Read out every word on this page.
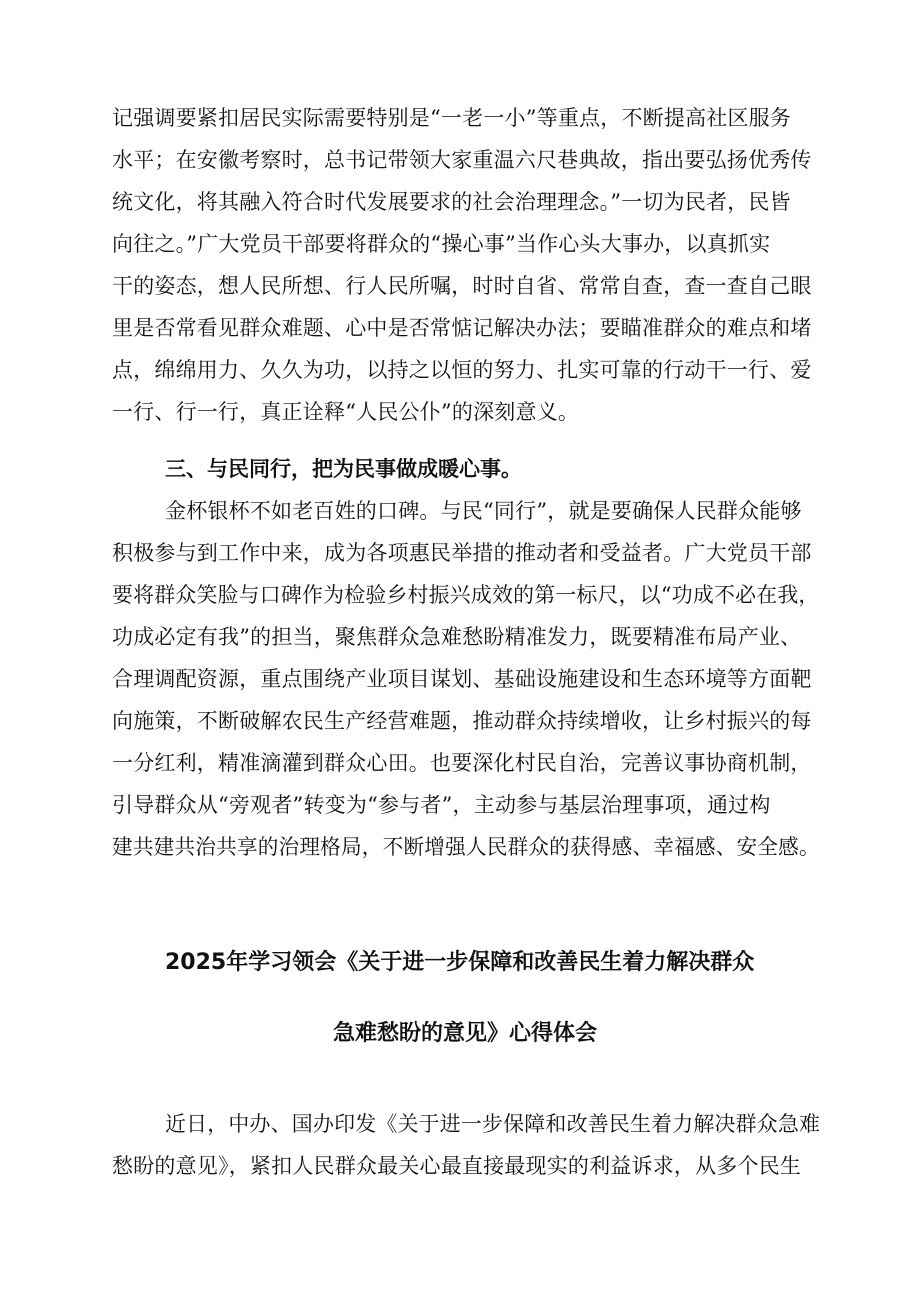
记强调要紧扣居民实际需要特别是“一老一小”等重点，不断提高社区服务
水平；在安徽考察时，总书记带领大家重温六尺巷典故，指出要弘扬优秀传
统文化，将其融入符合时代发展要求的社会治理理念。”一切为民者，民皆
向往之。”广大党员干部要将群众的“操心事”当作心头大事办，以真抓实
干的姿态，想人民所想、行人民所嘱，时时自省、常常自查，查一查自己眼
里是否常看见群众难题、心中是否常惦记解决办法；要瞄准群众的难点和堵
点，绵绵用力、久久为功，以持之以恒的努力、扎实可靠的行动干一行、爱
一行、行一行，真正诠释“人民公仆”的深刻意义。
三、与民同行，把为民事做成暖心事。
金杯银杯不如老百姓的口碑。与民“同行”，就是要确保人民群众能够
积极参与到工作中来，成为各项惠民举措的推动者和受益者。广大党员干部
要将群众笑脸与口碑作为检验乡村振兴成效的第一标尺，以“功成不必在我，
功成必定有我”的担当，聚焦群众急难愁盼精准发力，既要精准布局产业、
合理调配资源，重点围绕产业项目谋划、基础设施建设和生态环境等方面靶
向施策，不断破解农民生产经营难题，推动群众持续增收，让乡村振兴的每
一分红利，精准滴灌到群众心田。也要深化村民自治，完善议事协商机制，
引导群众从“旁观者”转变为“参与者”，主动参与基层治理事项，通过构
建共建共治共享的治理格局，不断增强人民群众的获得感、幸福感、安全感。
2025年学习领会《关于进一步保障和改善民生着力解决群众
急难愁盼的意见》心得体会
近日，中办、国办印发《关于进一步保障和改善民生着力解决群众急难
愁盼的意见》，紧扣人民群众最关心最直接最现实的利益诉求，从多个民生
